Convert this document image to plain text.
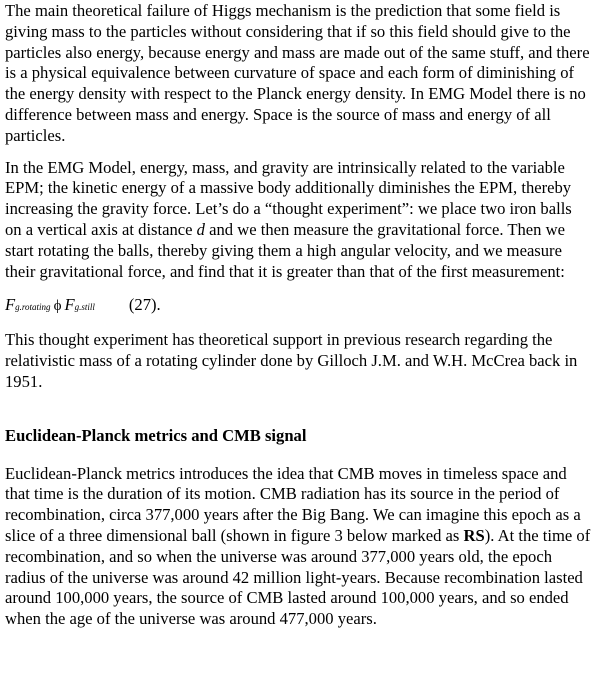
The main theoretical failure of Higgs mechanism is the prediction that some field is giving mass to the particles without considering that if so this field should give to the particles also energy, because energy and mass are made out of the same stuff, and there is a physical equivalence between curvature of space and each form of diminishing of the energy density with respect to the Planck energy density. In EMG Model there is no difference between mass and energy. Space is the source of mass and energy of all particles.

In the EMG Model, energy, mass, and gravity are intrinsically related to the variable EPM; the kinetic energy of a massive body additionally diminishes the EPM, thereby increasing the gravity force. Let’s do a “thought experiment”: we place two iron balls on a vertical axis at distance d and we then measure the gravitational force. Then we start rotating the balls, thereby giving them a high angular velocity, and we measure their gravitational force, and find that it is greater than that of the first measurement:

F g.rotating ϕ F g.still (27).

This thought experiment has theoretical support in previous research regarding the relativistic mass of a rotating cylinder done by Gilloch J.M. and W.H. McCrea back in 1951.

Euclidean-Planck metrics and CMB signal

Euclidean-Planck metrics introduces the idea that CMB moves in timeless space and that time is the duration of its motion. CMB radiation has its source in the period of recombination, circa 377,000 years after the Big Bang. We can imagine this epoch as a slice of a three dimensional ball (shown in figure 3 below marked as RS). At the time of recombination, and so when the universe was around 377,000 years old, the epoch radius of the universe was around 42 million light-years. Because recombination lasted around 100,000 years, the source of CMB lasted around 100,000 years, and so ended when the age of the universe was around 477,000 years.
